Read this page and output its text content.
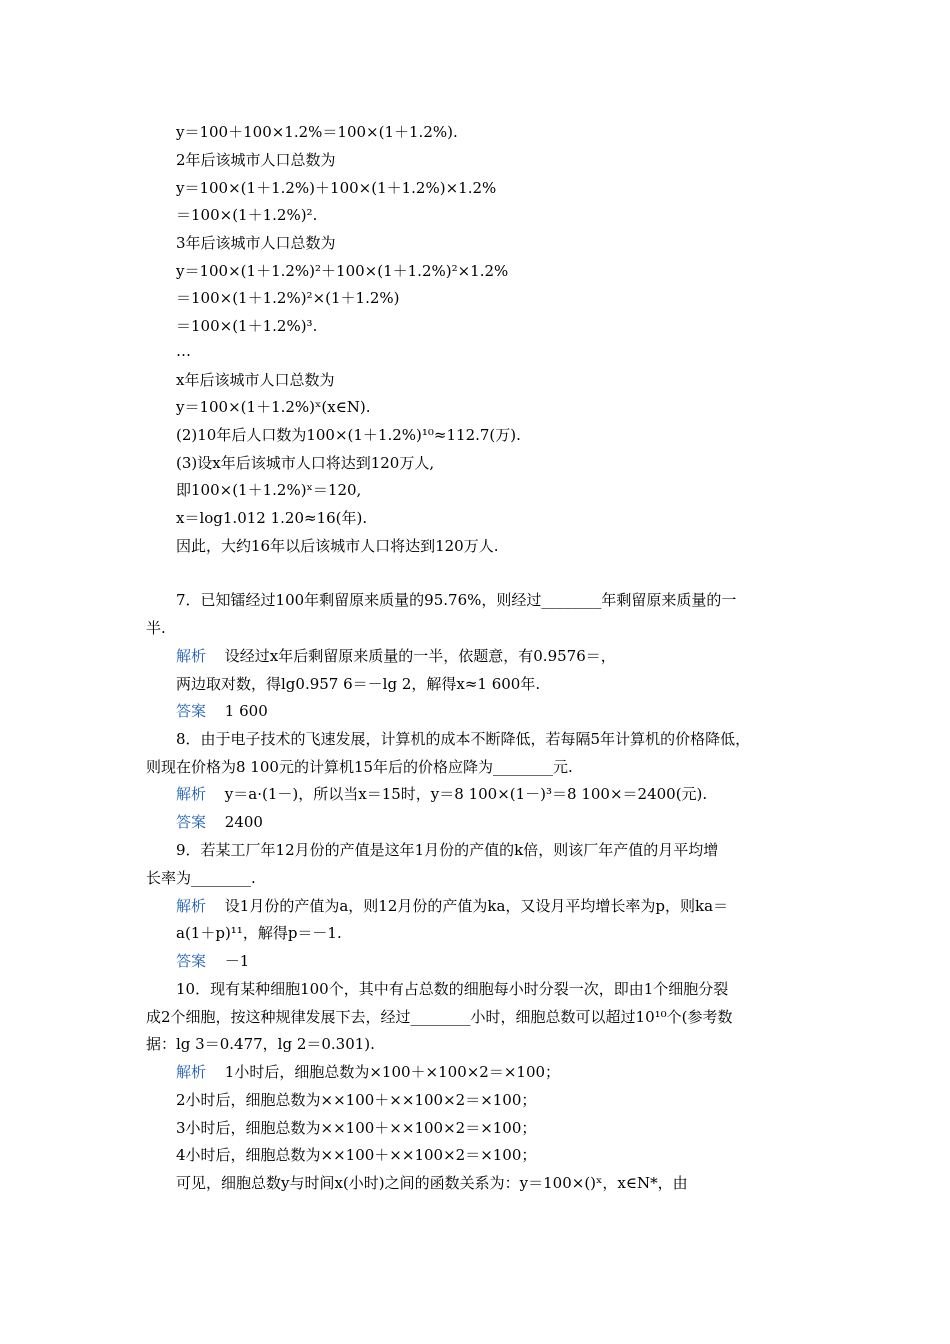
y＝100＋100×1.2%＝100×(1＋1.2%).
2年后该城市人口总数为
y＝100×(1＋1.2%)＋100×(1＋1.2%)×1.2%
＝100×(1＋1.2%)².
3年后该城市人口总数为
y＝100×(1＋1.2%)²＋100×(1＋1.2%)²×1.2%
＝100×(1＋1.2%)²×(1＋1.2%)
＝100×(1＋1.2%)³.
…
x年后该城市人口总数为
y＝100×(1＋1.2%)ˣ(x∈N).
(2)10年后人口数为100×(1＋1.2%)¹⁰≈112.7(万).
(3)设x年后该城市人口将达到120万人,
即100×(1＋1.2%)ˣ＝120,
x＝log1.012 1.20≈16(年).
因此，大约16年以后该城市人口将达到120万人.
7．已知镭经过100年剩留原来质量的95.76%，则经过________年剩留原来质量的一
半.
解析 设经过x年后剩留原来质量的一半，依题意，有0.9576＝，
两边取对数，得lg0.957 6＝－lg 2，解得x≈1 600年.
答案 1 600
8．由于电子技术的飞速发展，计算机的成本不断降低，若每隔5年计算机的价格降低，
则现在价格为8 100元的计算机15年后的价格应降为________元.
解析 y＝a·(1－)，所以当x＝15时，y＝8 100×(1－)³＝8 100×＝2400(元).
答案 2400
9．若某工厂年12月份的产值是这年1月份的产值的k倍，则该厂年产值的月平均增
长率为________.
解析 设1月份的产值为a，则12月份的产值为ka，又设月平均增长率为p，则ka＝
a(1＋p)¹¹，解得p＝－1.
答案 －1
10．现有某种细胞100个，其中有占总数的细胞每小时分裂一次，即由1个细胞分裂
成2个细胞，按这种规律发展下去，经过________小时，细胞总数可以超过10¹⁰个(参考数
据：lg 3＝0.477，lg 2＝0.301).
解析 1小时后，细胞总数为×100＋×100×2＝×100；
2小时后，细胞总数为××100＋××100×2＝×100；
3小时后，细胞总数为××100＋××100×2＝×100；
4小时后，细胞总数为××100＋××100×2＝×100；
可见，细胞总数y与时间x(小时)之间的函数关系为：y＝100×()ˣ，x∈N*，由
